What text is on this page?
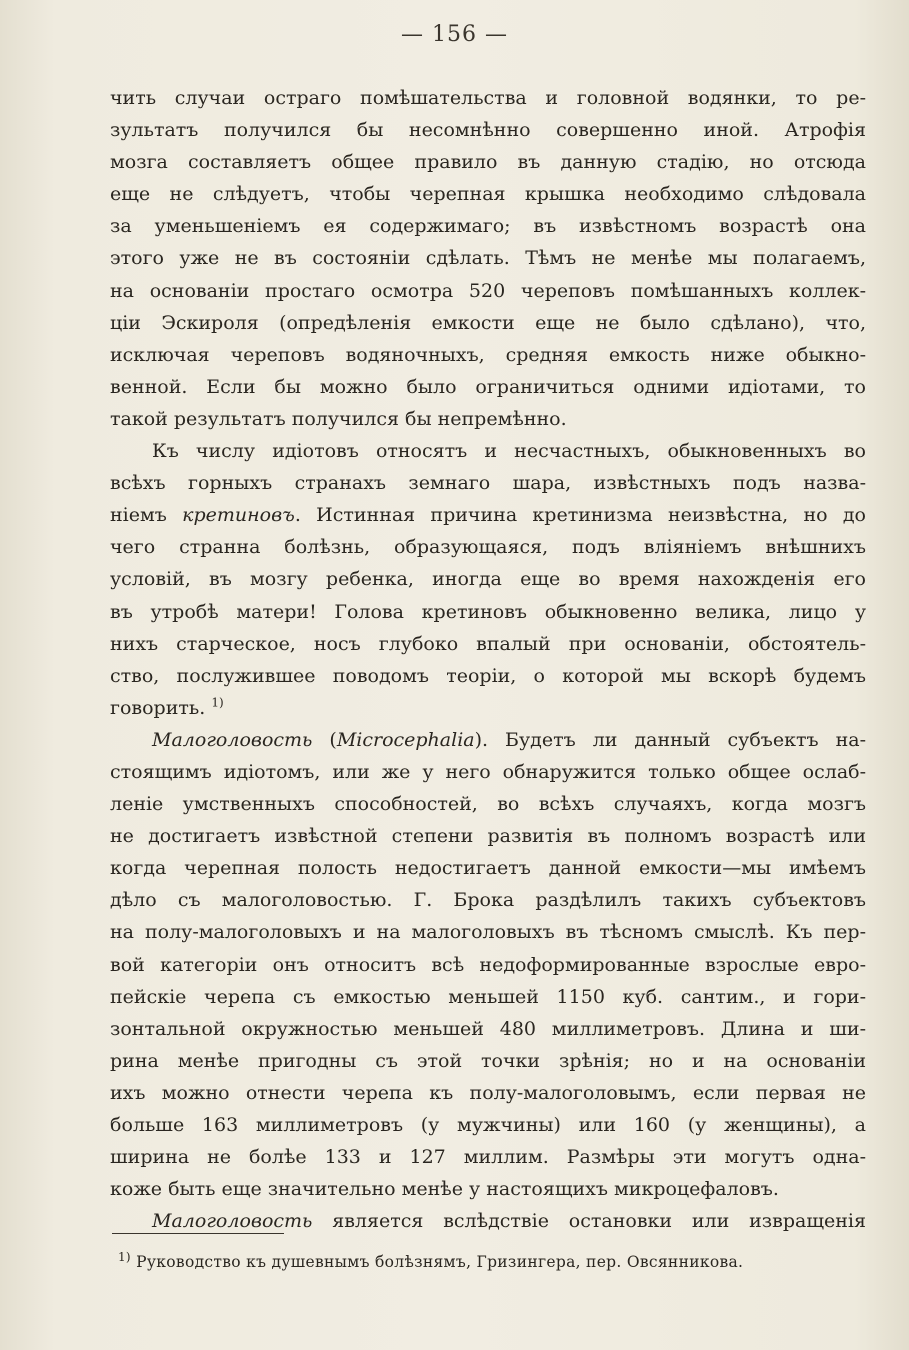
— 156 —
чить случаи остраго помѣшательства и головной водянки, то ре-
зультатъ получился бы несомнѣнно совершенно иной. Атрофія
мозга составляетъ общее правило въ данную стадію, но отсюда
еще не слѣдуетъ, чтобы черепная крышка необходимо слѣдовала
за уменьшеніемъ ея содержимаго; въ извѣстномъ возрастѣ она
этого уже не въ состояніи сдѣлать. Тѣмъ не менѣе мы полагаемъ,
на основаніи простаго осмотра 520 череповъ помѣшанныхъ коллек-
ціи Эскироля (опредѣленія емкости еще не было сдѣлано), что,
исключая череповъ водяночныхъ, средняя емкость ниже обыкно-
венной. Если бы можно было ограничиться одними идіотами, то
такой результатъ получился бы непремѣнно.
Къ числу идіотовъ относятъ и несчастныхъ, обыкновенныхъ во
всѣхъ горныхъ странахъ земнаго шара, извѣстныхъ подъ назва-
ніемъ кретиновъ. Истинная причина кретинизма неизвѣстна, но до
чего странна болѣзнь, образующаяся, подъ вліяніемъ внѣшнихъ
условій, въ мозгу ребенка, иногда еще во время нахожденія его
въ утробѣ матери! Голова кретиновъ обыкновенно велика, лицо у
нихъ старческое, носъ глубоко впалый при основаніи, обстоятель-
ство, послужившее поводомъ теоріи, о которой мы вскорѣ будемъ
говорить. $^{1)}$
Малоголовость (Microcephalia). Будетъ ли данный субъектъ на-
стоящимъ идіотомъ, или же у него обнаружится только общее ослаб-
леніе умственныхъ способностей, во всѣхъ случаяхъ, когда мозгъ
не достигаетъ извѣстной степени развитія въ полномъ возрастѣ или
когда черепная полость недостигаетъ данной емкости—мы имѣемъ
дѣло съ малоголовостью. Г. Брока раздѣлилъ такихъ субъектовъ
на полу-малоголовыхъ и на малоголовыхъ въ тѣсномъ смыслѣ. Къ пер-
вой категоріи онъ относитъ всѣ недоформированные взрослые евро-
пейскіе черепа съ емкостью меньшей 1150 куб. сантим., и гори-
зонтальной окружностью меньшей 480 миллиметровъ. Длина и ши-
рина менѣе пригодны съ этой точки зрѣнія; но и на основаніи
ихъ можно отнести черепа къ полу-малоголовымъ, если первая не
больше 163 миллиметровъ (у мужчины) или 160 (у женщины), а
ширина не болѣе 133 и 127 миллим. Размѣры эти могутъ одна-
коже быть еще значительно менѣе у настоящихъ микроцефаловъ.
Малоголовость является вслѣдствіе остановки или извращенія
$^{1)}$ Руководство къ душевнымъ болѣзнямъ, Гризингера, пер. Овсянникова.
